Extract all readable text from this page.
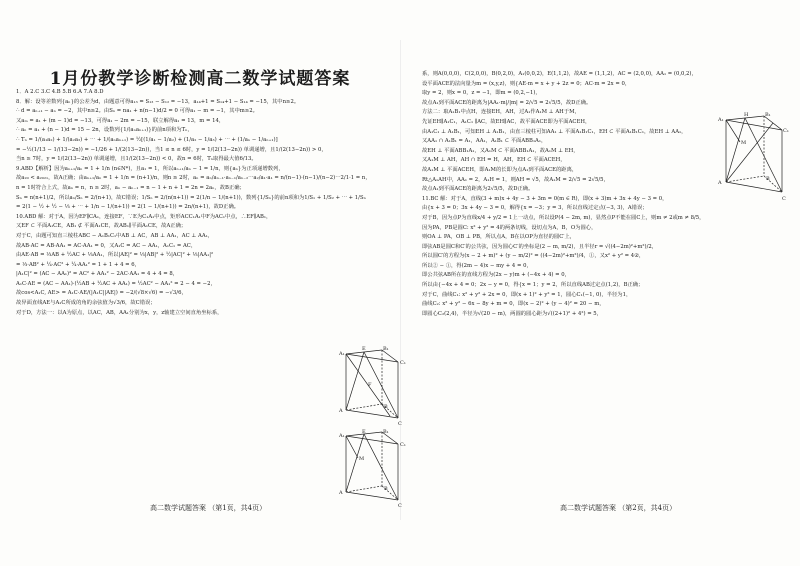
1月份教学诊断检测高二数学试题答案
1．A 2.C 3.C 4.B 5.B 6.A 7.A 8.D
8．解：设等差数列{aₙ}的公差为d，由题意可得a₁₃ = S₁₃ − S₁₂ = −13，a₁₄+1 = S₁₄+1 − S₁₄ = −15，其中n≥2。
∴ d = aₙ₊₁ − aₙ = −2，其中n≥2。由Sₙ = na₁ + n(n−1)d/2 = 0 可得a₁ − m = −1，其中m≥2。
又aₘ = a₁ + (m − 1)d = −13，可得a₁ − 2m = −15，联立解得a₁ = 13，m = 14，
∴ aₙ = a₁ + (n − 1)d = 15 − 2n，设数列{1/(aₙaₙ₊₁)}的前n项和为Tₙ，
∴ Tₙ = 1/(a₁a₂) + 1/(a₂a₃) + ⋯ + 1/(aₙaₙ₊₁) = ½[(1/a₁ − 1/a₂) + (1/a₂ − 1/a₃) + ⋯ + (1/aₙ − 1/aₙ₊₁)]
= −½(1/13 − 1/(13−2n)) = −1/26 + 1/(2(13−2n))，当1 ≤ n ≤ 6时，y = 1/(2(13−2n)) 单调递增，且1/(2(13−2n)) > 0，
当n ≥ 7时，y = 1/(2(13−2n)) 单调递增，且1/(2(13−2n)) < 0，故n = 6时，Tₙ取得最大值6/13。
9.ABD【解析】因为aₙ₊₁/aₙ = 1 + 1/n (n∈N*)，且a₁ = 1，所以aₙ₊₁/aₙ − 1 = 1/n，则{aₙ}为正项递增数列，
故a₂₀ < a₂₀₂₁，故A正确；由aₙ₊₁/aₙ = 1 + 1/n = (n+1)/n，则n ≥ 2时，aₙ = aₙ/aₙ₋₁·aₙ₋₁/aₙ₋₂⋯a₂/a₁·a₁ = n/(n−1)·(n−1)/(n−2)⋯2/1·1 = n，
n = 1时符合上式，故aₙ = n，n ≥ 2时，aₙ − aₙ₋₁ = n − 1 + n + 1 = 2n = 2aₙ，故B正确；
Sₙ = n(n+1)/2，所以aₙ/Sₙ = 2/(n+1)，故C错误；1/Sₙ = 2/(n(n+1)) = 2(1/n − 1/(n+1))，数列{1/Sₙ}的前n项和为1/S₁ + 1/S₂ + ⋯ + 1/Sₙ
= 2(1 − ½ + ½ − ⅓ + ⋯ + 1/n − 1/(n+1)) = 2(1 − 1/(n+1)) = 2n/(n+1)，故D正确。
10.ABD 解：对于A，因为EF∥CA₁，连接EF，∵E为C₁A₁中点，矩形ACC₁A₁中F为AC₁中点，∴EF∥AB₁，
又EF ⊂ 平面A₁CE，AB₁ ⊄ 平面A₁CE，故AB₁∥平面A₁CE，故A正确；
对于C，由题可知直三棱柱ABC − A₁B₁C₁中AB ⊥ AC，AB ⊥ AA₁，AC ⊥ AA₁，
故AB·AC = AB·AA₁ = AC·AA₁ = 0，又A₁C = AC − AA₁，A₁C₁ = AC，
由AE·AB = ⅓AB + ½AC + ⅓AA₁，所以|AE|² = ⅓|AB|² + ½|AC|² + ⅓|AA₁|²
= ⅓·AB² + ¼·AC² + ¼·AA₁² = 1 + 1 + 4 = 6，
|A₁C|² = (AC − AA₁)² = AC² + AA₁² − 2AC·AA₁ = 4 + 4 = 8，
A₁C·AE = (AC − AA₁)·(½AB + ½AC + AA₁) = ½AC² − AA₁² = 2 − 4 = −2，
故cos<A₁C, AE> = A₁C·AE/(|A₁C||AE|) = −2/(√8×√6) = −√3/6，
故异面直线AE与A₁C所成的角的余弦值为√3/6，故C错误；
对于D，方法一：以A为原点，以AC，AB，AA₁分别为x，y，z轴建立空间直角坐标系，
高二数学试题答案 （第1页，共4页）
系，则A(0,0,0)，C(2,0,0)，B(0,2,0)，A₁(0,0,2)，E(1,1,2)，故AE = (1,1,2)，AC = (2,0,0)，AA₁ = (0,0,2)，
设平面ACE的法向量为m = (x,y,z)，则{AE·m = x + y + 2z = 0；AC·m = 2x = 0，
取y = 2，则x = 0，z = −1，即m = (0,2,−1)，
故点A₁到平面ACE的距离为|AA₁·m|/|m| = 2/√5 = 2√5/5，故D正确。
方法二：取A₁B₁中点H，连接EH，AH，过A₁作A₁M ⊥ AH于M，
先证EH∥A₁C₁，A₁C₁ ∥AC，故EH∥AC，故平面ACE即为平面ACEH，
由A₁C₁ ⊥ A₁B₁，可知EH ⊥ A₁B₁，由直三棱柱可知AA₁ ⊥ 平面A₁B₁C₁，EH ⊂ 平面A₁B₁C₁，故EH ⊥ AA₁，
又AA₁ ∩ A₁B₁ = A₁，AA₁，A₁B₁ ⊂ 平面ABB₁A₁，
故EH ⊥ 平面ABB₁A₁，又A₁M ⊂ 平面ABB₁A₁，故A₁M ⊥ EH，
又A₁M ⊥ AH，AH ∩ EH = H，AH，EH ⊂ 平面ACEH，
故A₁M ⊥ 平面ACEH，即A₁M的长即为点A₁到平面ACE的距离，
Rt△A₁AH中，AA₁ = 2，A₁H = 1，则AH = √5，故A₁M = 2/√5 = 2√5/5，
故点A₁到平面ACE的距离为2√5/5，故D正确。
11.BC 解：对于A，直线(3 + m)x + 4y − 3 + 3m = 0(m ∈ R)，即(x + 3)m + 3x + 4y − 3 = 0，
由{x + 3 = 0；3x + 4y − 3 = 0，解得{x = −3；y = 3，所以直线过定点(−3, 3)，A错误；
对于B，因为点P为直线x/4 + y/2 = 1上一动点，所以设P(4 − 2m, m)，显然点P不能在圆C上，则m ≠ 2或m ≠ 8/5，
因为PA，PB是圆C: x² + y² = 4的两条切线，设切点为A，B，O为圆心，
则OA ⊥ PA，OB ⊥ PB，所以点A，B在以OP为直径的圆C′上，
即弦AB是圆C和C′的公共弦，因为圆心C′的坐标是(2 − m, m/2)，且半径r = √((4−2m)²+m²)/2，
所以圆C′的方程为(x − 2 + m)² + (y − m/2)² = ((4−2m)²+m²)/4，①，又x² + y² = 4②，
所以② − ①，得(2m − 4)x − my + 4 = 0，
即公共弦AB所在的直线方程为(2x − y)m + (−4x + 4) = 0，
所以由{−4x + 4 = 0；2x − y = 0，得{x = 1；y = 2，所以直线AB过定点(1,2)，B正确；
对于C，曲线C₁: x² + y² + 2x = 0，即(x + 1)² + y² = 1，圆心C₁(−1, 0)，半径为1，
曲线C₂: x² + y² − 6x − 8y + m = 0，即(x − 2)² + (y − 4)² = 20 − m，
即圆心C₂(2,4)，半径为√(20 − m)，两圆的圆心距为√((2+1)² + 4²) = 5，
高二数学试题答案 （第2页，共4页）
A₁
E
C₁
B₁
F
A
B
C
A₁
E
C₁
B₁
M
A
B
C
A₁
H
C₁
B₁
M
A
B
C
